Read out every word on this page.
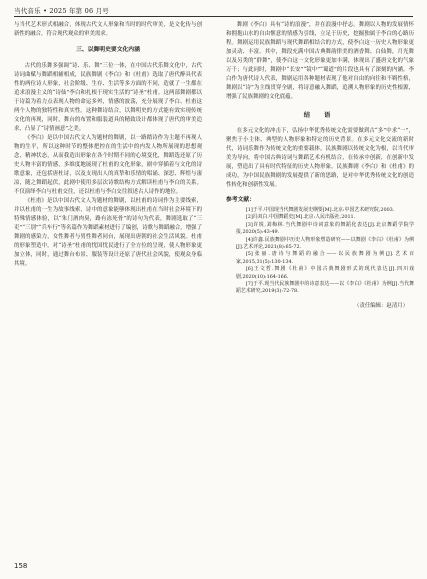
当代音乐 • 2025 年第 06 月号

与当代艺术形式相融合，体现古代文人形象和当时的时代审美，是文化传与创新性的融合，符合现代观众的审美需求。

三、以舞明史要文化内涵

古代的乐舞多强调“诗、乐、舞”三位一体，在中国古代乐舞文化中，古代诗词曲赋与舞蹈相辅相成，民族舞剧《李白》和《杜甫》选取了唐代醉具代表性的两位诗人形象，社会阶级、生存、生活等多方面的不同，造就了一生都在追求浪漫主义的“诗仙”李白和扎根于现实生活的“诗圣”杜甫。这两部舞剧都以于诗篇为着力点表现人物的命运多舛，情感的波荡，充分展现了李白、杜甫这两个人物的独特性和真实性。这种舞诗结合，以舞明史的方式能有效实现传统文化的再现，同时，舞台的布置和服装道具的精致设计都体现了唐代的审美追求，凸显了“诗情画意”之美。

《李白》是以中国古代文人为题材的舞剧，以一路踏诗作为主题不再现人物的生平，所以这种时节的整体把控在的生活中的内发人物所展现的思想观念，精神状态，从而我造出形象在各个时期不同的心境变化，舞蹈选还原了历史人物丰富的情感，多维度地展现了杜甫的文化形象，剧中穿插着与文化的诗歌意象，还包括唐杜诗，以及支现出人的真挚和乐情的唱诵、深思、辉煌与凄凉，随之舞蹈起伏，此剧中使用多层次诗歌结构方式解读杜甫与李白的关系。不仅演绎李白与杜甫交往，还以杜甫与李白交往叙述古人诗作的地位。

《杜甫》是以中国古代文人为题材的舞剧，以杜甫的诗词作为主要线索，并以杜甫的一生为故事线索，诗中的意象能够体现出杜甫在当时社会环境下的特殊情感体验，以“朱门酒肉臭，路有冻死骨”的诗句为代表，舞剧选取了“三吏”“三别”“兵车行”等名篇作为舞蹈素材进行了编创，诗歌与舞蹈融合，增强了舞剧的感染力，女性舞者与男性舞者同台，展现出唐朝的社会生活风貌。杜甫的形象塑造中，对“诗圣”杜甫的忧国忧民进行了全方位的呈现，使人物形象更加立体，同时，通过舞台布景、服装等设计还原了唐代社会风貌，使观众身临其境。

舞剧《李白》具有“诗的浪漫”，并在浪漫中抒志。舞剧以人物的发展情怀和拥抱山水的自由惬意的情感为引线，立足于历史，挖掘独属于李白的心路历程。舞剧运用民族舞蹈与现代舞蹈相结合的方式，使李白这一历史人物形象更加灵动、丰富。其中，舞段充满中国古典舞韵律美的酒香舞、白仙舞，月光舞以及另类的“群舞”，使李白这一文化形象更加丰满，体现出了盛唐文化的气象万千；与此同时，舞剧中“长安”“镜中”“蜀道”的片段也具有了深刻的内涵。李白作为唐代诗人代表，舞剧运用各种题材表现了他对自由的向往和不羁性格，舞剧以“诗”为主线贯穿全剧，将诗意融入舞蹈，追溯人物形象的历史性根源，增强了民族舞剧的文化底蕴。

结 语

在多元文化的冲击下，弘扬中华优秀传统文化需要做到古“多”中求“一”，聚焦于小主体、典型的人物形象和特定的历史背景。在多元文化交流的新时代，诗词乐舞作为传统文化的重要载体，民族舞剧以传统文化为根，以当代审美为导向，将中国古典诗词与舞蹈艺术有机结合，在传承中创新，在创新中发展，塑造出了具有时代特征的历史人物形象。民族舞剧《李白》和《杜甫》的成功，为中国民族舞剧的发展提供了新的思路，是对中华优秀传统文化的创造性转化和创新性发展。

参考文献：

[1]于平.中国现当代舞剧发展史纲要[M].北京:中国艺术研究院,2003.

[2]冯双白.中国舞蹈史[M].北京:人民出版社,2011.

[3]许锐,刘梅林.当代舞剧中诗词意象的舞蹈化表达[J].北京舞蹈学院学报,2020(5):43-49.

[4]许鑫.民族舞剧中历史人物形象塑造研究——以舞剧《李白》《杜甫》为例[J].艺术评论,2021(8):65-72.

[5]张丽.唐诗与舞蹈的融合——以民族舞剧为例[J].艺术百家,2015,31(5):130-134.

[6]王文哲.舞剧《杜甫》中国古典舞剧形式的现代表达[J].四川戏剧,2020(10):164-166.

[7]于平.现当代民族舞剧中的诗意表达——以《李白》《杜甫》为例[J].当代舞蹈艺术研究,2019(3):72-78.

（责任编辑：赵清月）
158
